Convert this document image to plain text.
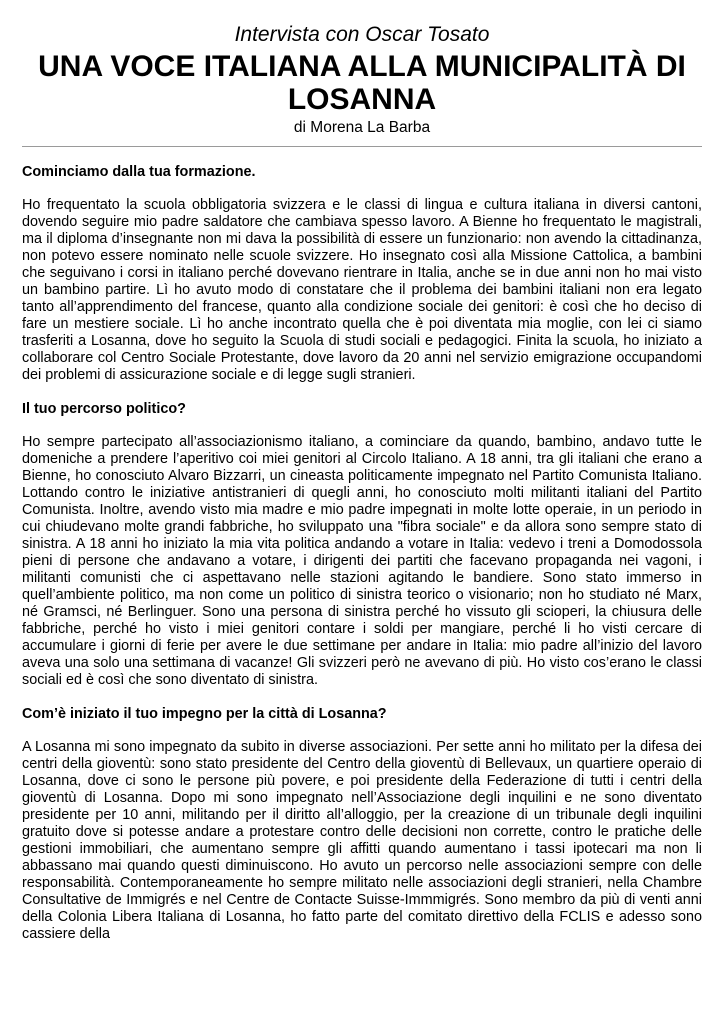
Intervista con Oscar Tosato

UNA VOCE ITALIANA ALLA MUNICIPALITÀ DI LOSANNA

di Morena La Barba

Cominciamo dalla tua formazione.

Ho frequentato la scuola obbligatoria svizzera e le classi di lingua e cultura italiana in diversi cantoni, dovendo seguire mio padre saldatore che cambiava spesso lavoro. A Bienne ho frequentato le magistrali, ma il diploma d’insegnante non mi dava la possibilità di essere un funzionario: non avendo la cittadinanza, non potevo essere nominato nelle scuole svizzere. Ho insegnato così alla Missione Cattolica, a bambini che seguivano i corsi in italiano perché dovevano rientrare in Italia, anche se in due anni non ho mai visto un bambino partire. Lì ho avuto modo di constatare che il problema dei bambini italiani non era legato tanto all’apprendimento del francese, quanto alla condizione sociale dei genitori: è così che ho deciso di fare un mestiere sociale. Lì ho anche incontrato quella che è poi diventata mia moglie, con lei ci siamo trasferiti a Losanna, dove ho seguito la Scuola di studi sociali e pedagogici. Finita la scuola, ho iniziato a collaborare col Centro Sociale Protestante, dove lavoro da 20 anni nel servizio emigrazione occupandomi dei problemi di assicurazione sociale e di legge sugli stranieri.

Il tuo percorso politico?

Ho sempre partecipato all’associazionismo italiano, a cominciare da quando, bambino, andavo tutte le domeniche a prendere l’aperitivo coi miei genitori al Circolo Italiano. A 18 anni, tra gli italiani che erano a Bienne, ho conosciuto Alvaro Bizzarri, un cineasta politicamente impegnato nel Partito Comunista Italiano. Lottando contro le iniziative antistranieri di quegli anni, ho conosciuto molti militanti italiani del Partito Comunista. Inoltre, avendo visto mia madre e mio padre impegnati in molte lotte operaie, in un periodo in cui chiudevano molte grandi fabbriche, ho sviluppato una "fibra sociale" e da allora sono sempre stato di sinistra. A 18 anni ho iniziato la mia vita politica andando a votare in Italia: vedevo i treni a Domodossola pieni di persone che andavano a votare, i dirigenti dei partiti che facevano propaganda nei vagoni, i militanti comunisti che ci aspettavano nelle stazioni agitando le bandiere. Sono stato immerso in quell’ambiente politico, ma non come un politico di sinistra teorico o visionario; non ho studiato né Marx, né Gramsci, né Berlinguer. Sono una persona di sinistra perché ho vissuto gli scioperi, la chiusura delle fabbriche, perché ho visto i miei genitori contare i soldi per mangiare, perché li ho visti cercare di accumulare i giorni di ferie per avere le due settimane per andare in Italia: mio padre all’inizio del lavoro aveva una solo una settimana di vacanze! Gli svizzeri però ne avevano di più. Ho visto cos’erano le classi sociali ed è così che sono diventato di sinistra.

Com’è iniziato il tuo impegno per la città di Losanna?

A Losanna mi sono impegnato da subito in diverse associazioni. Per sette anni ho militato per la difesa dei centri della gioventù: sono stato presidente del Centro della gioventù di Bellevaux, un quartiere operaio di Losanna, dove ci sono le persone più povere, e poi presidente della Federazione di tutti i centri della gioventù di Losanna. Dopo mi sono impegnato nell’Associazione degli inquilini e ne sono diventato presidente per 10 anni, militando per il diritto all’alloggio, per la creazione di un tribunale degli inquilini gratuito dove si potesse andare a protestare contro delle decisioni non corrette, contro le pratiche delle gestioni immobiliari, che aumentano sempre gli affitti quando aumentano i tassi ipotecari ma non li abbassano mai quando questi diminuiscono. Ho avuto un percorso nelle associazioni sempre con delle responsabilità. Contemporaneamente ho sempre militato nelle associazioni degli stranieri, nella Chambre Consultative de Immigrés e nel Centre de Contacte Suisse-Immmigrés. Sono membro da più di venti anni della Colonia Libera Italiana di Losanna, ho fatto parte del comitato direttivo della FCLIS e adesso sono cassiere della
